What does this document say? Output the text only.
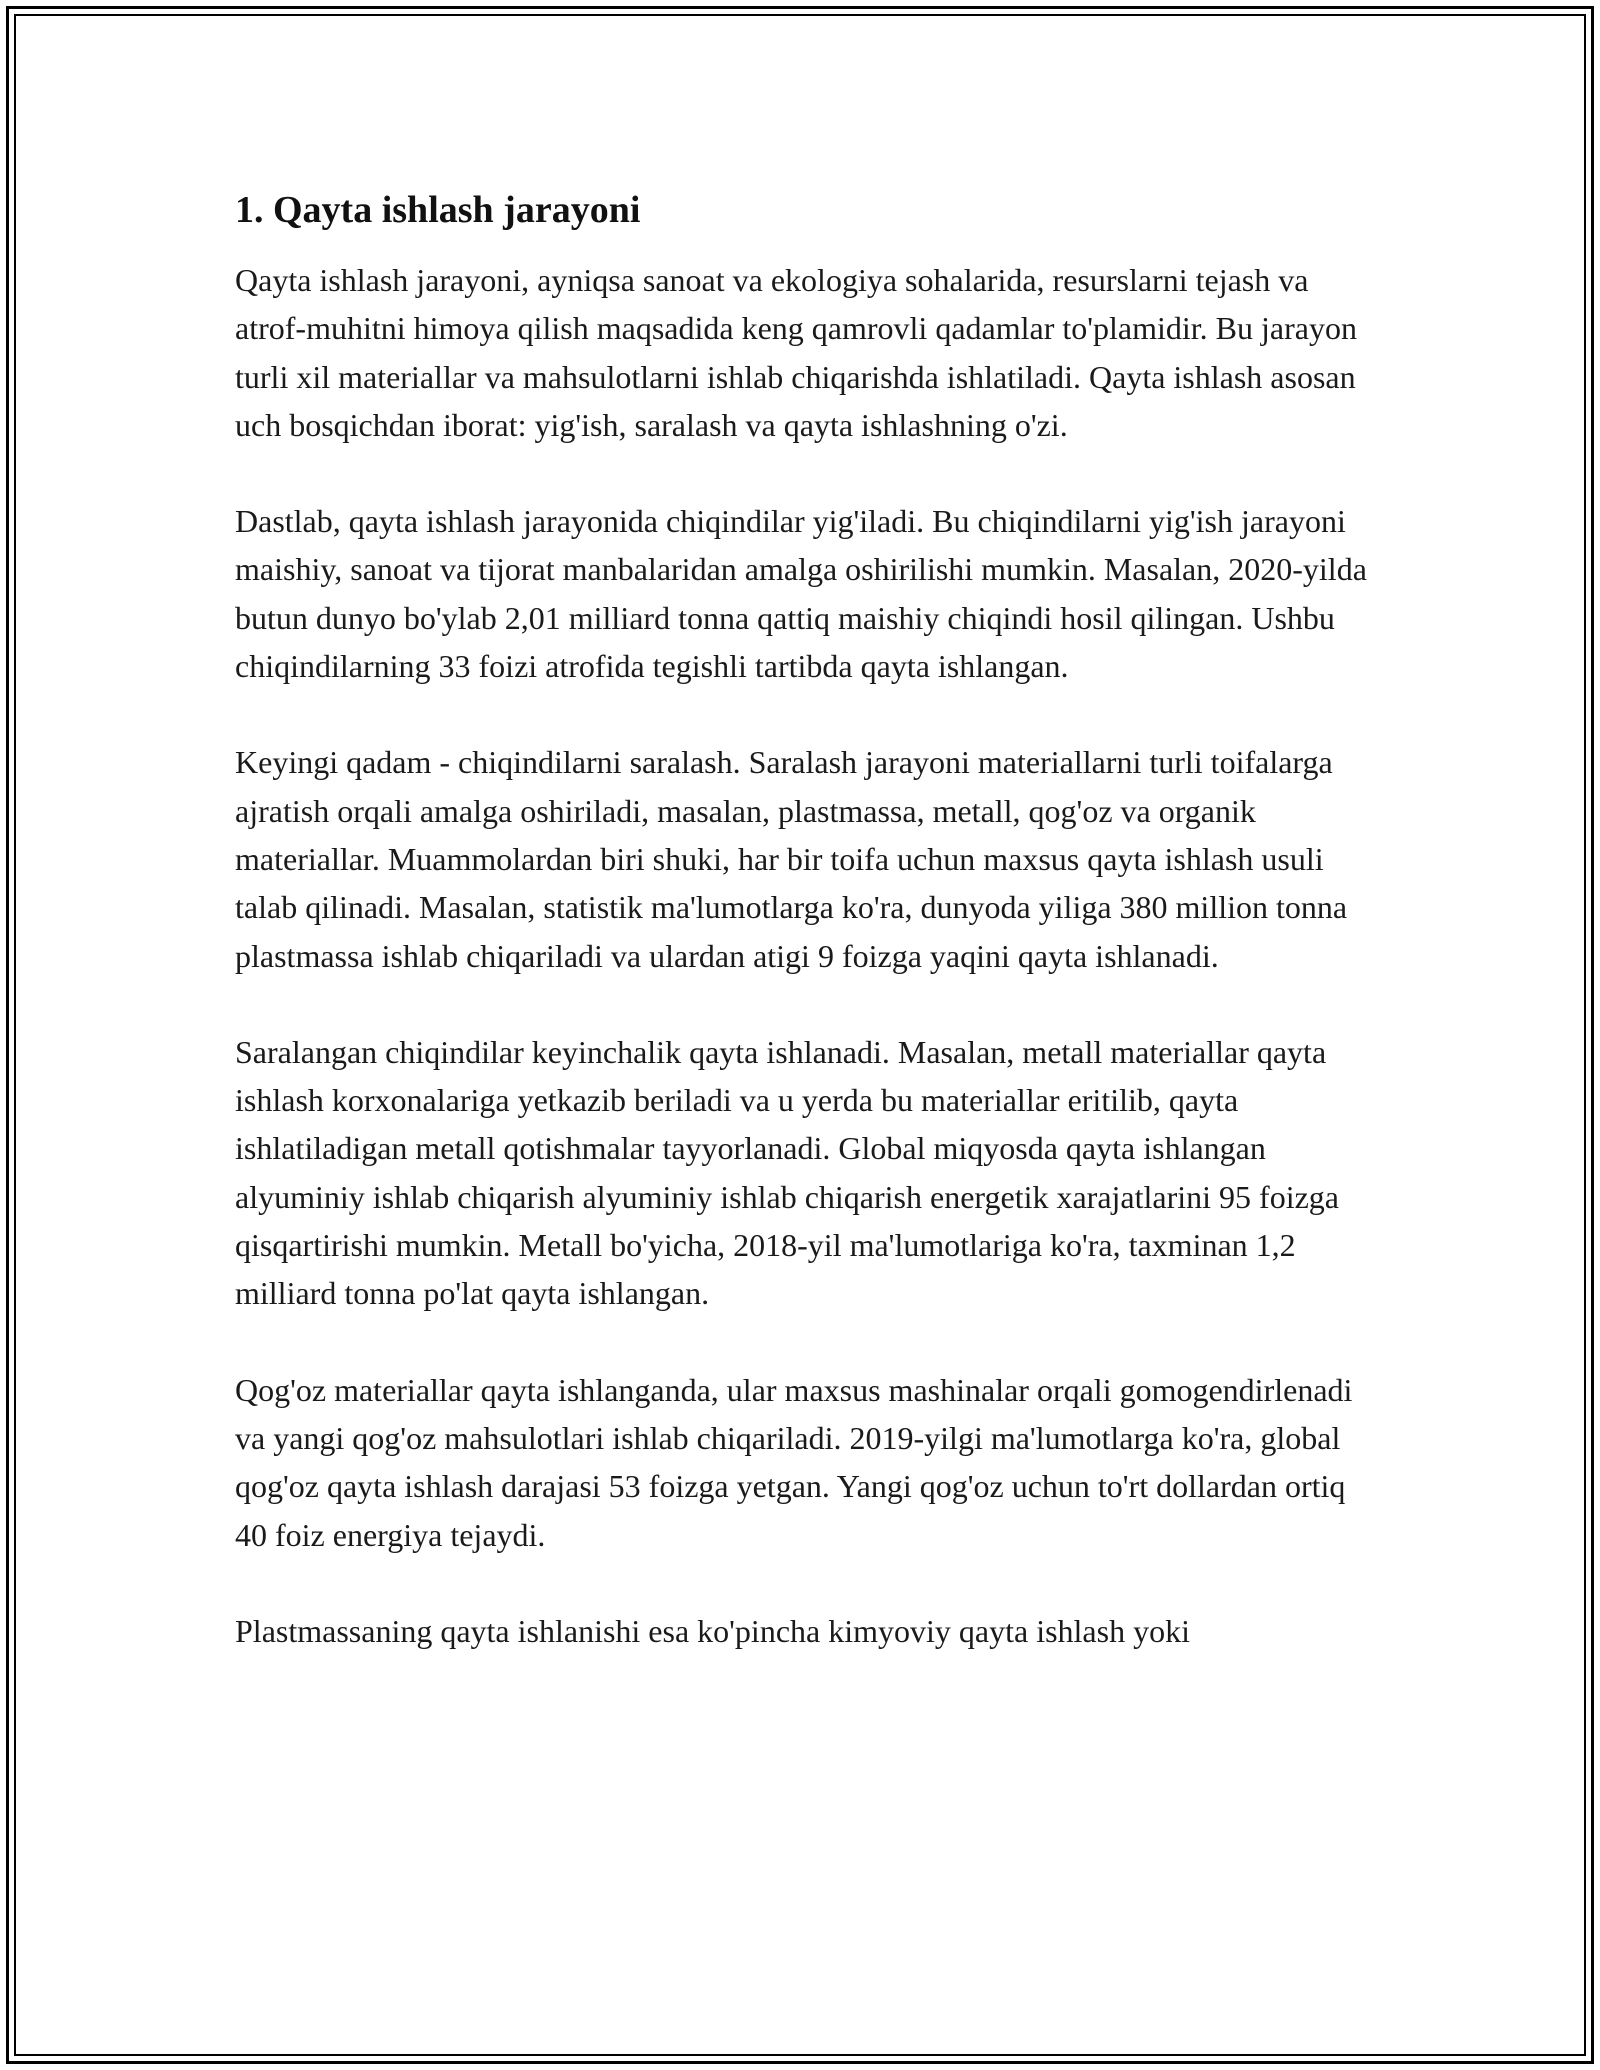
1. Qayta ishlash jarayoni

Qayta ishlash jarayoni, ayniqsa sanoat va ekologiya sohalarida, resurslarni tejash va atrof-muhitni himoya qilish maqsadida keng qamrovli qadamlar to'plamidir. Bu jarayon turli xil materiallar va mahsulotlarni ishlab chiqarishda ishlatiladi. Qayta ishlash asosan uch bosqichdan iborat: yig'ish, saralash va qayta ishlashning o'zi.

Dastlab, qayta ishlash jarayonida chiqindilar yig'iladi. Bu chiqindilarni yig'ish jarayoni maishiy, sanoat va tijorat manbalaridan amalga oshirilishi mumkin. Masalan, 2020-yilda butun dunyo bo'ylab 2,01 milliard tonna qattiq maishiy chiqindi hosil qilingan. Ushbu chiqindilarning 33 foizi atrofida tegishli tartibda qayta ishlangan.

Keyingi qadam - chiqindilarni saralash. Saralash jarayoni materiallarni turli toifalarga ajratish orqali amalga oshiriladi, masalan, plastmassa, metall, qog'oz va organik materiallar. Muammolardan biri shuki, har bir toifa uchun maxsus qayta ishlash usuli talab qilinadi. Masalan, statistik ma'lumotlarga ko'ra, dunyoda yiliga 380 million tonna plastmassa ishlab chiqariladi va ulardan atigi 9 foizga yaqini qayta ishlanadi.

Saralangan chiqindilar keyinchalik qayta ishlanadi. Masalan, metall materiallar qayta ishlash korxonalariga yetkazib beriladi va u yerda bu materiallar eritilib, qayta ishlatiladigan metall qotishmalar tayyorlanadi. Global miqyosda qayta ishlangan alyuminiy ishlab chiqarish alyuminiy ishlab chiqarish energetik xarajatlarini 95 foizga qisqartirishi mumkin. Metall bo'yicha, 2018-yil ma'lumotlariga ko'ra, taxminan 1,2 milliard tonna po'lat qayta ishlangan.

Qog'oz materiallar qayta ishlanganda, ular maxsus mashinalar orqali gomogendirlenadi va yangi qog'oz mahsulotlari ishlab chiqariladi. 2019-yilgi ma'lumotlarga ko'ra, global qog'oz qayta ishlash darajasi 53 foizga yetgan. Yangi qog'oz uchun to'rt dollardan ortiq 40 foiz energiya tejaydi.

Plastmassaning qayta ishlanishi esa ko'pincha kimyoviy qayta ishlash yoki
